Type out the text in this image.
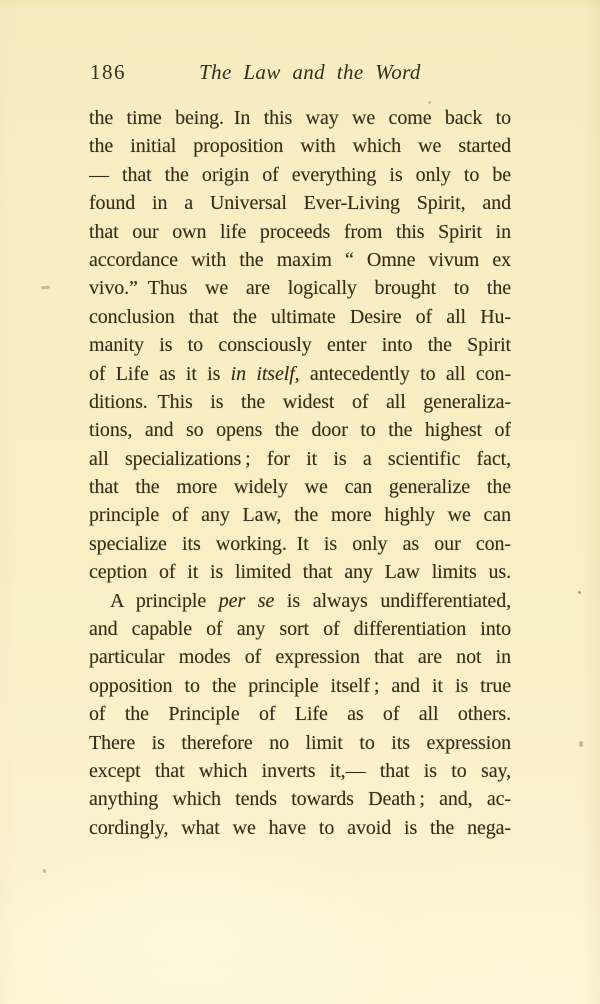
186	The Law and the Word
the time being. In this way we come back to
the initial proposition with which we started
— that the origin of everything is only to be
found in a Universal Ever-Living Spirit, and
that our own life proceeds from this Spirit in
accordance with the maxim “ Omne vivum ex
vivo.” Thus we are logically brought to the
conclusion that the ultimate Desire of all Hu-
manity is to consciously enter into the Spirit
of Life as it is in itself, antecedently to all con-
ditions. This is the widest of all generaliza-
tions, and so opens the door to the highest of
all specializations ; for it is a scientific fact,
that the more widely we can generalize the
principle of any Law, the more highly we can
specialize its working. It is only as our con-
ception of it is limited that any Law limits us.
A principle per se is always undifferentiated,
and capable of any sort of differentiation into
particular modes of expression that are not in
opposition to the principle itself ; and it is true
of the Principle of Life as of all others.
There is therefore no limit to its expression
except that which inverts it,— that is to say,
anything which tends towards Death ; and, ac-
cordingly, what we have to avoid is the nega-
